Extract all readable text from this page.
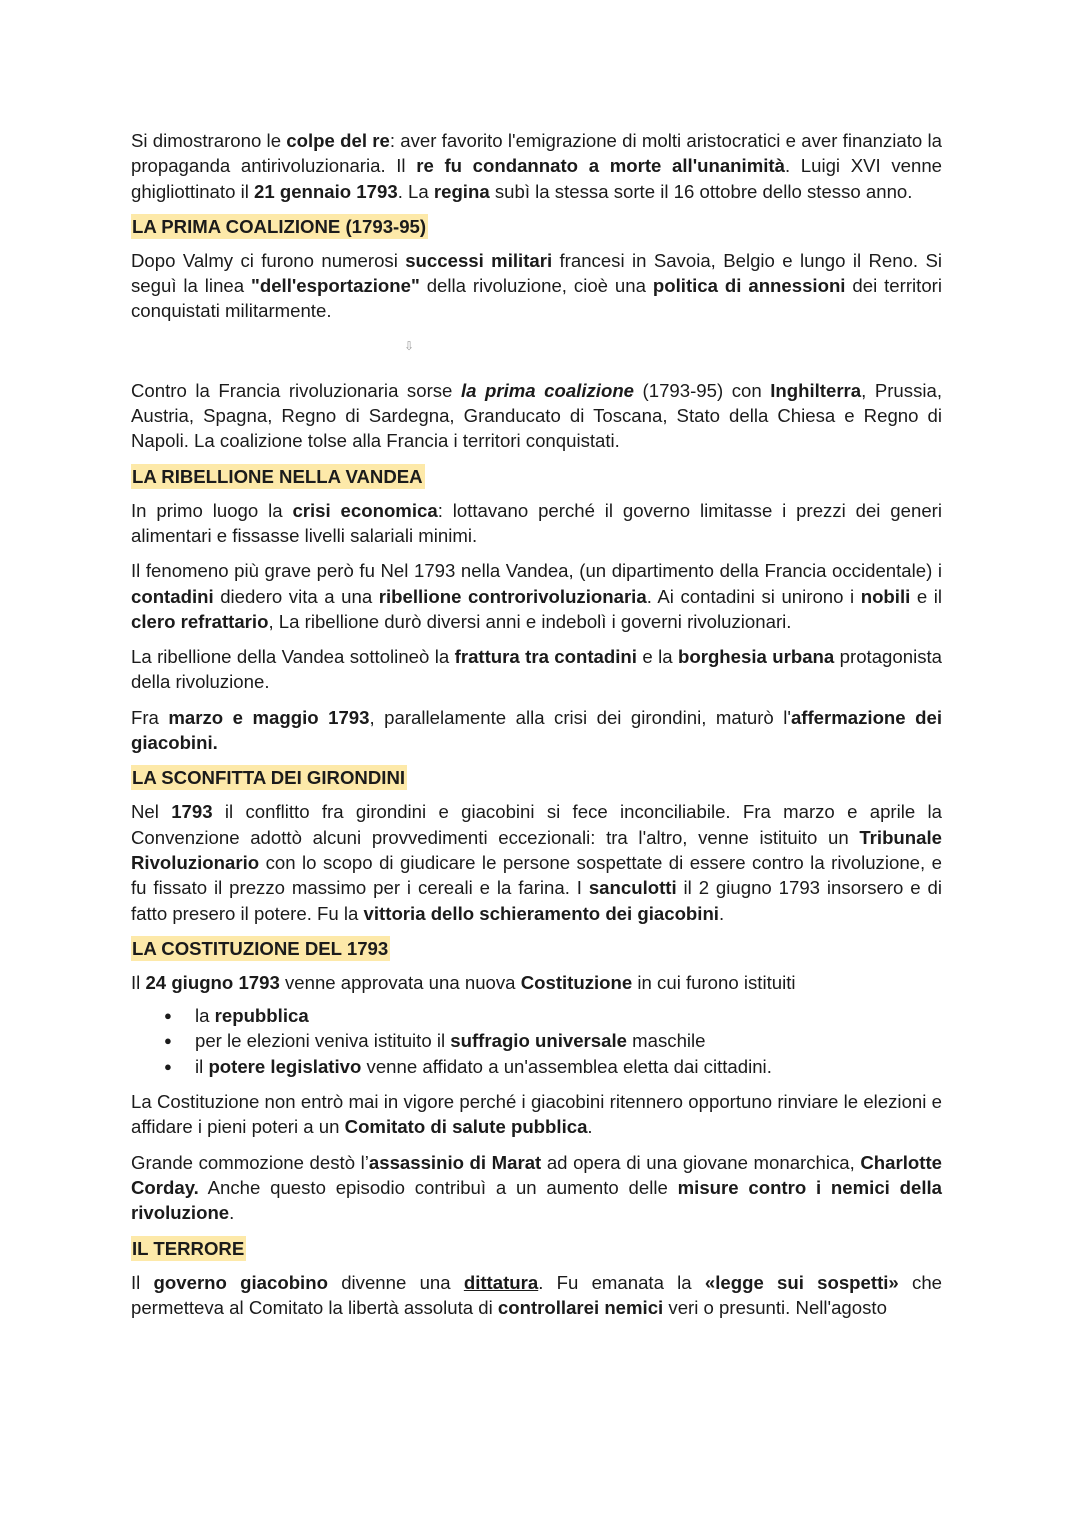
Si dimostrarono le colpe del re: aver favorito l'emigrazione di molti aristocratici e aver finanziato la propaganda antirivoluzionaria. Il re fu condannato a morte all'unanimità. Luigi XVI venne ghigliottinato il 21 gennaio 1793. La regina subì la stessa sorte il 16 ottobre dello stesso anno.

LA PRIMA COALIZIONE (1793-95)

Dopo Valmy ci furono numerosi successi militari francesi in Savoia, Belgio e lungo il Reno. Si seguì la linea "dell'esportazione" della rivoluzione, cioè una politica di annessioni dei territori conquistati militarmente.

⇩

Contro la Francia rivoluzionaria sorse la prima coalizione (1793-95) con Inghilterra, Prussia, Austria, Spagna, Regno di Sardegna, Granducato di Toscana, Stato della Chiesa e Regno di Napoli. La coalizione tolse alla Francia i territori conquistati.

LA RIBELLIONE NELLA VANDEA

In primo luogo la crisi economica: lottavano perché il governo limitasse i prezzi dei generi alimentari e fissasse livelli salariali minimi.

Il fenomeno più grave però fu Nel 1793 nella Vandea, (un dipartimento della Francia occidentale) i contadini diedero vita a una ribellione controrivoluzionaria. Ai contadini si unirono i nobili e il clero refrattario, La ribellione durò diversi anni e indebolì i governi rivoluzionari.

La ribellione della Vandea sottolineò la frattura tra contadini e la borghesia urbana protagonista della rivoluzione.

Fra marzo e maggio 1793, parallelamente alla crisi dei girondini, maturò l'affermazione dei giacobini.

LA SCONFITTA DEI GIRONDINI

Nel 1793 il conflitto fra girondini e giacobini si fece inconciliabile. Fra marzo e aprile la Convenzione adottò alcuni provvedimenti eccezionali: tra l'altro, venne istituito un Tribunale Rivoluzionario con lo scopo di giudicare le persone sospettate di essere contro la rivoluzione, e fu fissato il prezzo massimo per i cereali e la farina. I sanculotti il 2 giugno 1793 insorsero e di fatto presero il potere. Fu la vittoria dello schieramento dei giacobini.

LA COSTITUZIONE DEL 1793

Il 24 giugno 1793 venne approvata una nuova Costituzione in cui furono istituiti

● la repubblica
● per le elezioni veniva istituito il suffragio universale maschile
● il potere legislativo venne affidato a un'assemblea eletta dai cittadini.

La Costituzione non entrò mai in vigore perché i giacobini ritennero opportuno rinviare le elezioni e affidare i pieni poteri a un Comitato di salute pubblica.

Grande commozione destò l’assassinio di Marat ad opera di una giovane monarchica, Charlotte Corday. Anche questo episodio contribuì a un aumento delle misure contro i nemici della rivoluzione.

IL TERRORE

Il governo giacobino divenne una dittatura. Fu emanata la «legge sui sospetti» che permetteva al Comitato la libertà assoluta di controllarei nemici veri o presunti. Nell'agosto
